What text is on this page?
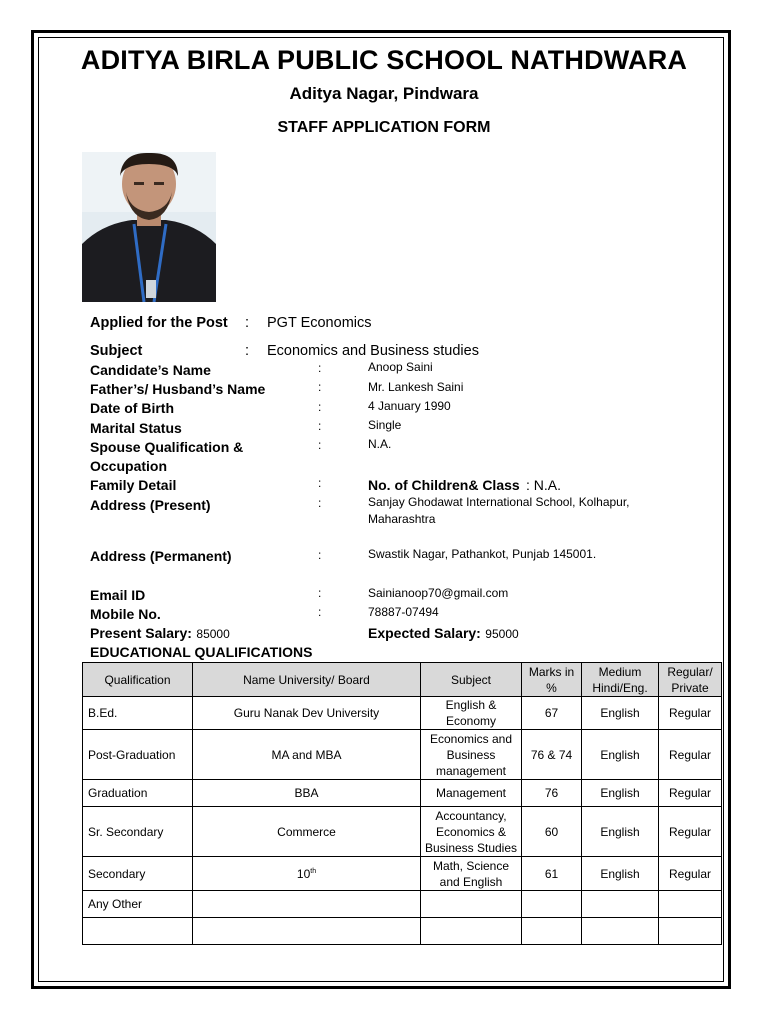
ADITYA BIRLA PUBLIC SCHOOL NATHDWARA
Aditya Nagar, Pindwara
STAFF APPLICATION FORM
Applied for the Post : PGT Economics
Subject	: Economics and Business studies
Candidate’s Name	:	Anoop Saini
Father’s/ Husband’s Name	:	Mr. Lankesh Saini
Date of Birth	:	4 January 1990
Marital Status	:	Single
Spouse Qualification &
Occupation
:	N.A.
Family Detail	:	No. of Children& Class : N.A.
Address (Present)	:	Sanjay Ghodawat International School, Kolhapur,
Maharashtra
Address (Permanent)	:	Swastik Nagar, Pathankot, Punjab 145001.
Email ID	:	Sainianoop70@gmail.com
Mobile No.	:	78887-07494
Present Salary: 85000	Expected Salary: 95000
EDUCATIONAL QUALIFICATIONS
Qualification	Name University/ Board	Subject	Marks in %	Medium Hindi/Eng.	Regular/ Private
B.Ed.	Guru Nanak Dev University	English & Economy	67	English	Regular
Post-Graduation	MA and MBA	Economics and Business management	76 & 74	English	Regular
Graduation	BBA	Management	76	English	Regular
Sr. Secondary	Commerce	Accountancy, Economics & Business Studies	60	English	Regular
Secondary	10th	Math, Science and English	61	English	Regular
Any Other					
